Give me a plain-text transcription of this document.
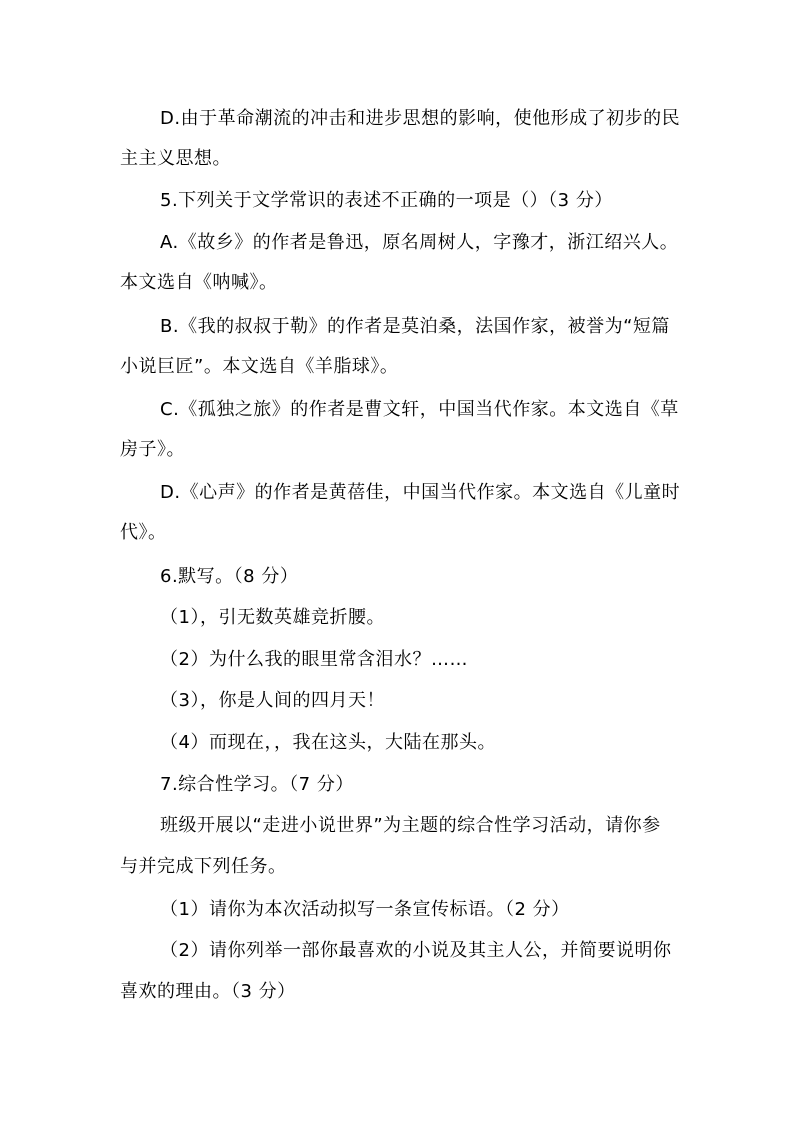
D.由于革命潮流的冲击和进步思想的影响，使他形成了初步的民
主主义思想。
5.下列关于文学常识的表述不正确的一项是（）（3 分）
A.《故乡》的作者是鲁迅，原名周树人，字豫才，浙江绍兴人。
本文选自《呐喊》。
B.《我的叔叔于勒》的作者是莫泊桑，法国作家，被誉为“短篇
小说巨匠”。本文选自《羊脂球》。
C.《孤独之旅》的作者是曹文轩，中国当代作家。本文选自《草
房子》。
D.《心声》的作者是黄蓓佳，中国当代作家。本文选自《儿童时
代》。
6.默写。（8 分）
（1），引无数英雄竞折腰。
（2）为什么我的眼里常含泪水？……
（3），你是人间的四月天！
（4）而现在，，我在这头，大陆在那头。
7.综合性学习。（7 分）
班级开展以“走进小说世界”为主题的综合性学习活动，请你参
与并完成下列任务。
（1）请你为本次活动拟写一条宣传标语。（2 分）
（2）请你列举一部你最喜欢的小说及其主人公，并简要说明你
喜欢的理由。（3 分）
